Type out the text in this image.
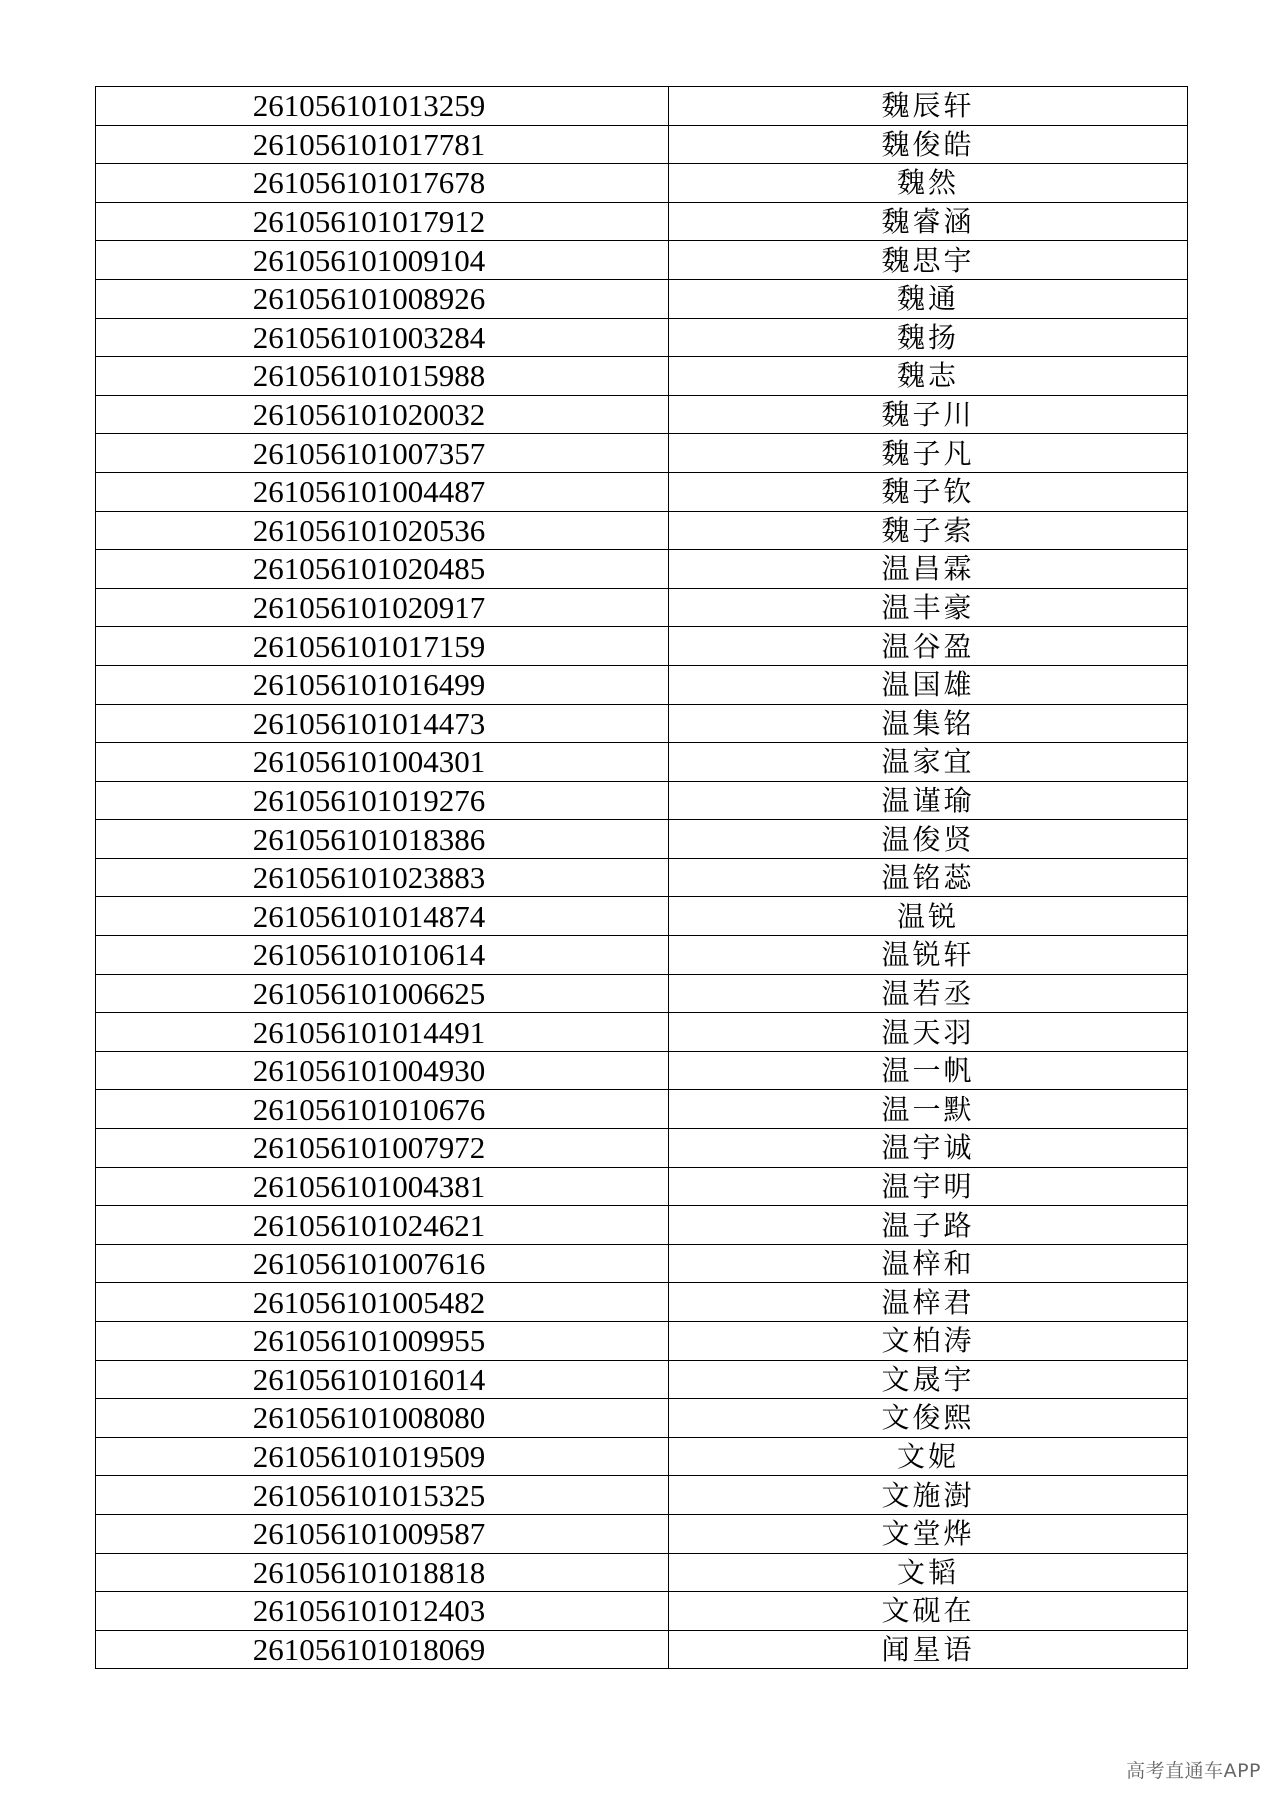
261056101013259	魏辰轩
261056101017781	魏俊皓
261056101017678	魏然
261056101017912	魏睿涵
261056101009104	魏思宇
261056101008926	魏通
261056101003284	魏扬
261056101015988	魏志
261056101020032	魏子川
261056101007357	魏子凡
261056101004487	魏子钦
261056101020536	魏子索
261056101020485	温昌霖
261056101020917	温丰豪
261056101017159	温谷盈
261056101016499	温国雄
261056101014473	温集铭
261056101004301	温家宜
261056101019276	温谨瑜
261056101018386	温俊贤
261056101023883	温铭蕊
261056101014874	温锐
261056101010614	温锐轩
261056101006625	温若丞
261056101014491	温天羽
261056101004930	温一帆
261056101010676	温一默
261056101007972	温宇诚
261056101004381	温宇明
261056101024621	温子路
261056101007616	温梓和
261056101005482	温梓君
261056101009955	文柏涛
261056101016014	文晟宇
261056101008080	文俊熙
261056101019509	文妮
261056101015325	文施澍
261056101009587	文堂烨
261056101018818	文韬
261056101012403	文砚在
261056101018069	闻星语
高考直通车APP
